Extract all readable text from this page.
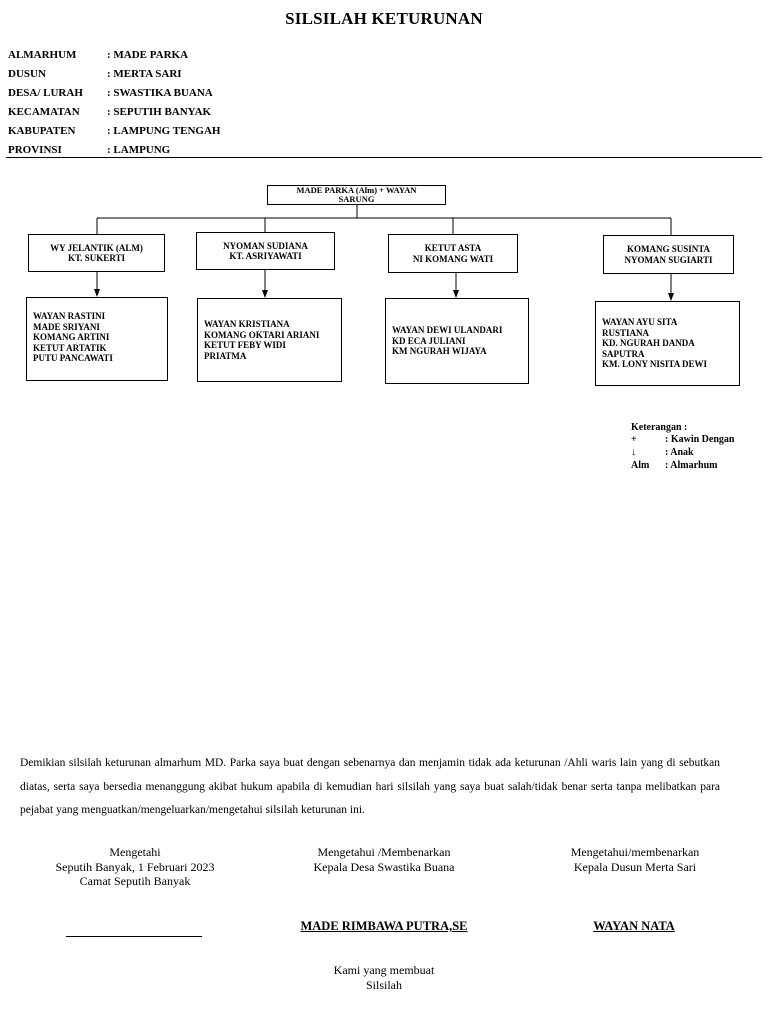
SILSILAH KETURUNAN
ALMARHUM	: MADE PARKA
DUSUN	: MERTA SARI
DESA/ LURAH	: SWASTIKA BUANA
KECAMATAN	: SEPUTIH BANYAK
KABUPATEN	: LAMPUNG TENGAH
PROVINSI	: LAMPUNG
MADE PARKA (Alm) + WAYAN
SARUNG
WY JELANTIK (ALM)
KT. SUKERTI
NYOMAN SUDIANA
KT. ASRIYAWATI
KETUT ASTA
NI KOMANG WATI
KOMANG SUSINTA
NYOMAN SUGIARTI
WAYAN RASTINI
MADE SRIYANI
KOMANG ARTINI
KETUT ARTATIK
PUTU PANCAWATI
WAYAN KRISTIANA
KOMANG OKTARI ARIANI
KETUT FEBY WIDI
PRIATMA
WAYAN DEWI ULANDARI
KD ECA JULIANI
KM NGURAH WIJAYA
WAYAN AYU SITA
RUSTIANA
KD. NGURAH DANDA
SAPUTRA
KM. LONY NISITA DEWI
Keterangan :
+	: Kawin Dengan
↓	: Anak
Alm : Almarhum
Demikian silsilah keturunan almarhum MD. Parka saya buat dengan sebenarnya dan menjamin tidak ada keturunan /Ahli waris lain yang di sebutkan diatas, serta saya bersedia menanggung akibat hukum apabila di kemudian hari silsilah yang saya buat salah/tidak benar serta tanpa melibatkan para pejabat yang menguatkan/mengeluarkan/mengetahui silsilah keturunan ini.
Mengetahi
Seputih Banyak, 1 Februari 2023
Camat Seputih Banyak
Mengetahui /Membenarkan
Kepala Desa Swastika Buana
MADE RIMBAWA PUTRA,SE
Mengetahui/membenarkan
Kepala Dusun Merta Sari
WAYAN NATA
Kami yang membuat
Silsilah
